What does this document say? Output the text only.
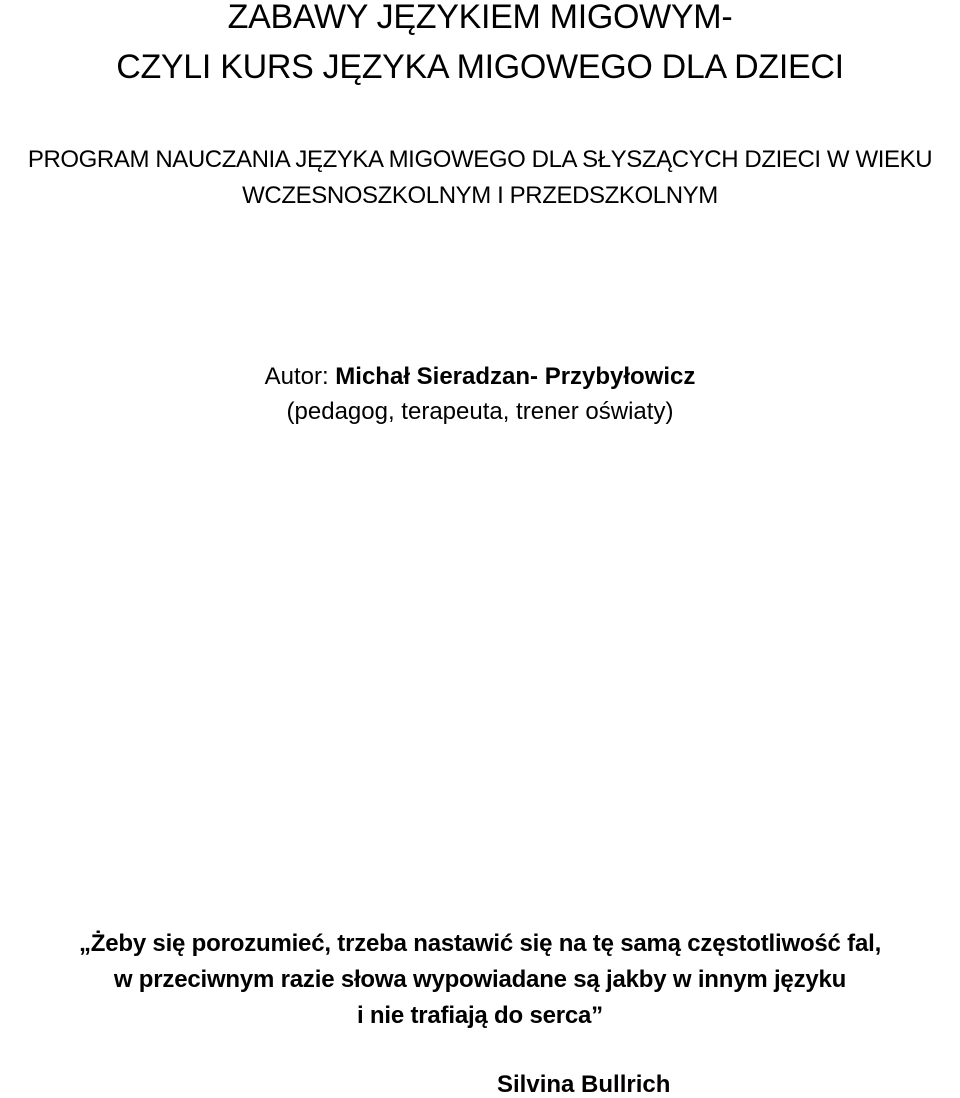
ZABAWY JĘZYKIEM MIGOWYM-
CZYLI KURS JĘZYKA MIGOWEGO DLA DZIECI
PROGRAM NAUCZANIA JĘZYKA MIGOWEGO DLA SŁYSZĄCYCH DZIECI W WIEKU
WCZESNOSZKOLNYM I PRZEDSZKOLNYM
Autor: Michał Sieradzan- Przybyłowicz
(pedagog, terapeuta, trener oświaty)
„Żeby się porozumieć, trzeba nastawić się na tę samą częstotliwość fal,
w przeciwnym razie słowa wypowiadane są jakby w innym języku
i nie trafiają do serca”
Silvina Bullrich
